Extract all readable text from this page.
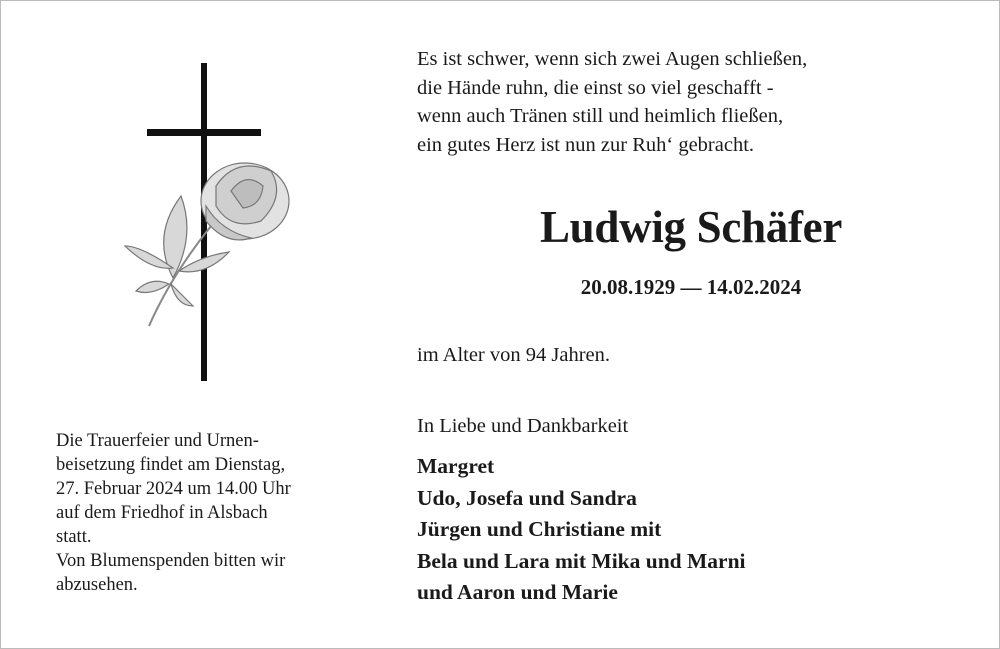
Es ist schwer, wenn sich zwei Augen schließen,
die Hände ruhn, die einst so viel geschafft -
wenn auch Tränen still und heimlich fließen,
ein gutes Herz ist nun zur Ruh‘ gebracht.
Ludwig Schäfer
20.08.1929 — 14.02.2024
im Alter von 94 Jahren.
In Liebe und Dankbarkeit
Margret
Udo, Josefa und Sandra
Jürgen und Christiane mit
Bela und Lara mit Mika und Marni
und Aaron und Marie
Die Trauerfeier und Urnen-
beisetzung findet am Dienstag,
27. Februar 2024 um 14.00 Uhr
auf dem Friedhof in Alsbach
statt.
Von Blumenspenden bitten wir
abzusehen.
